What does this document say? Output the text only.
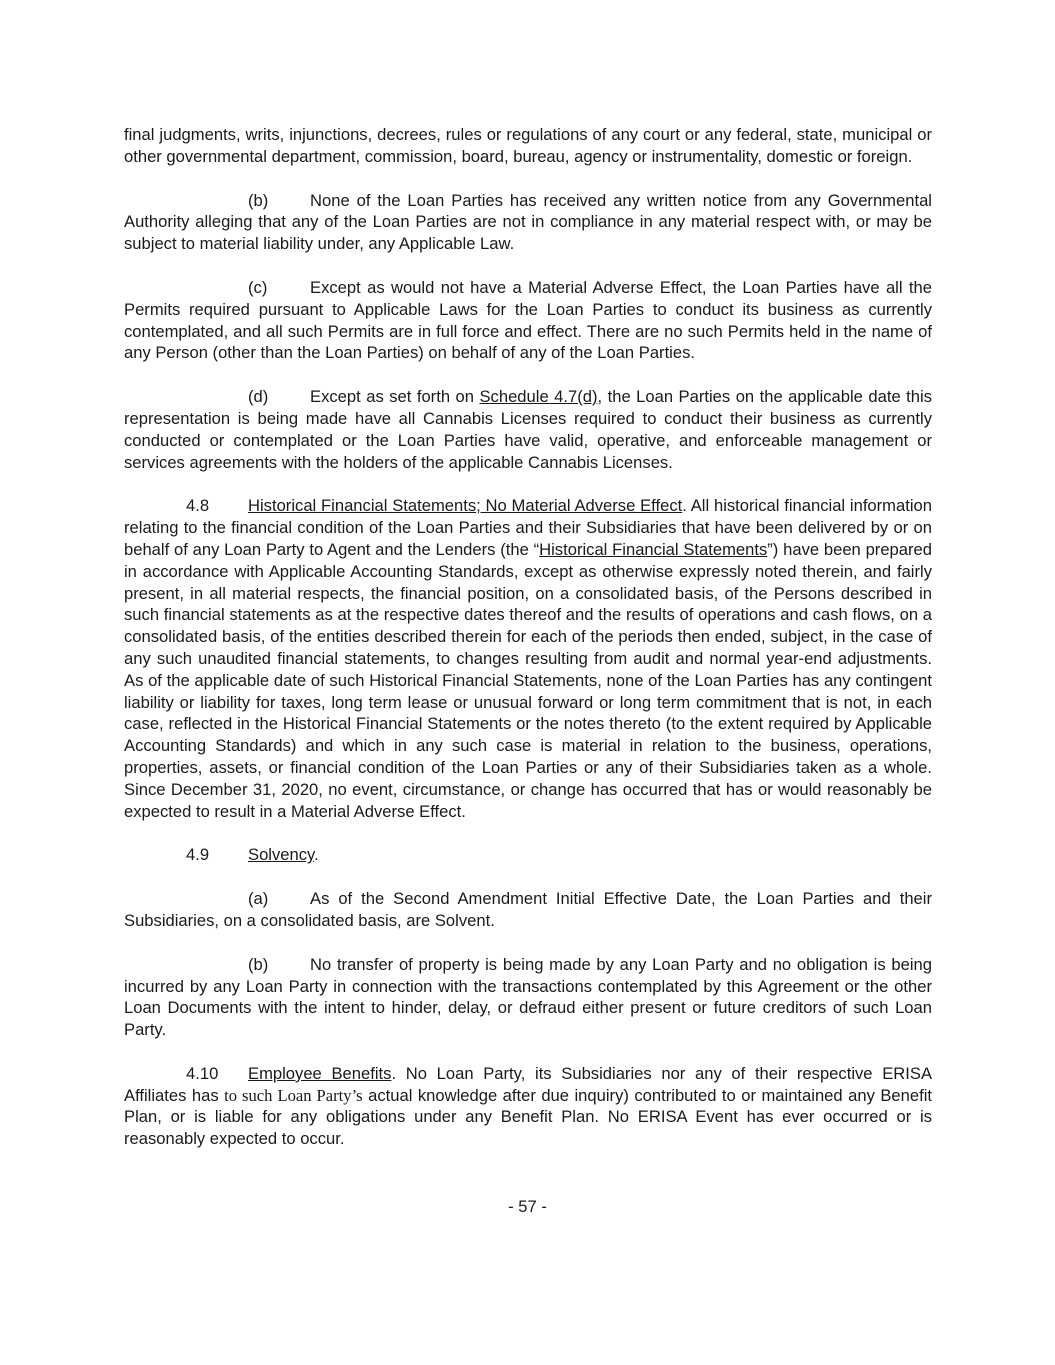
final judgments, writs, injunctions, decrees, rules or regulations of any court or any federal, state, municipal or other governmental department, commission, board, bureau, agency or instrumentality, domestic or foreign.

(b)	None of the Loan Parties has received any written notice from any Governmental Authority alleging that any of the Loan Parties are not in compliance in any material respect with, or may be subject to material liability under, any Applicable Law.

(c)	Except as would not have a Material Adverse Effect, the Loan Parties have all the Permits required pursuant to Applicable Laws for the Loan Parties to conduct its business as currently contemplated, and all such Permits are in full force and effect. There are no such Permits held in the name of any Person (other than the Loan Parties) on behalf of any of the Loan Parties.

(d)	Except as set forth on Schedule 4.7(d), the Loan Parties on the applicable date this representation is being made have all Cannabis Licenses required to conduct their business as currently conducted or contemplated or the Loan Parties have valid, operative, and enforceable management or services agreements with the holders of the applicable Cannabis Licenses.

4.8 Historical Financial Statements; No Material Adverse Effect. All historical financial information relating to the financial condition of the Loan Parties and their Subsidiaries that have been delivered by or on behalf of any Loan Party to Agent and the Lenders (the “Historical Financial Statements”) have been prepared in accordance with Applicable Accounting Standards, except as otherwise expressly noted therein, and fairly present, in all material respects, the financial position, on a consolidated basis, of the Persons described in such financial statements as at the respective dates thereof and the results of operations and cash flows, on a consolidated basis, of the entities described therein for each of the periods then ended, subject, in the case of any such unaudited financial statements, to changes resulting from audit and normal year-end adjustments. As of the applicable date of such Historical Financial Statements, none of the Loan Parties has any contingent liability or liability for taxes, long term lease or unusual forward or long term commitment that is not, in each case, reflected in the Historical Financial Statements or the notes thereto (to the extent required by Applicable Accounting Standards) and which in any such case is material in relation to the business, operations, properties, assets, or financial condition of the Loan Parties or any of their Subsidiaries taken as a whole. Since December 31, 2020, no event, circumstance, or change has occurred that has or would reasonably be expected to result in a Material Adverse Effect.

4.9 Solvency.

(a)	As of the Second Amendment Initial Effective Date, the Loan Parties and their Subsidiaries, on a consolidated basis, are Solvent.

(b)	No transfer of property is being made by any Loan Party and no obligation is being incurred by any Loan Party in connection with the transactions contemplated by this Agreement or the other Loan Documents with the intent to hinder, delay, or defraud either present or future creditors of such Loan Party.

4.10 Employee Benefits. No Loan Party, its Subsidiaries nor any of their respective ERISA Affiliates has to such Loan Party’s actual knowledge after due inquiry) contributed to or maintained any Benefit Plan, or is liable for any obligations under any Benefit Plan. No ERISA Event has ever occurred or is reasonably expected to occur.

- 57 -
